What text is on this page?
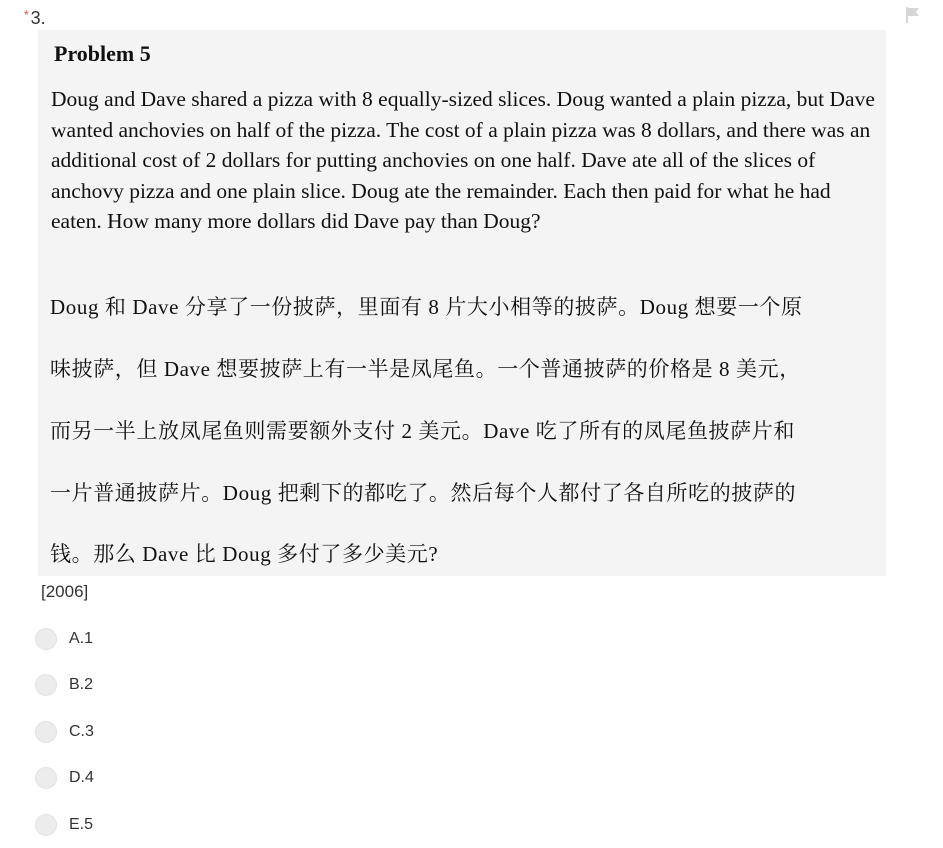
* 3.
Problem 5

Doug and Dave shared a pizza with 8 equally-sized slices. Doug wanted a plain pizza, but Dave wanted anchovies on half of the pizza. The cost of a plain pizza was 8 dollars, and there was an additional cost of 2 dollars for putting anchovies on one half. Dave ate all of the slices of anchovy pizza and one plain slice. Doug ate the remainder. Each then paid for what he had eaten. How many more dollars did Dave pay than Doug?

Doug 和 Dave 分享了一份披萨，里面有 8 片大小相等的披萨。Doug 想要一个原

味披萨，但 Dave 想要披萨上有一半是凤尾鱼。一个普通披萨的价格是 8 美元，

而另一半上放凤尾鱼则需要额外支付 2 美元。Dave 吃了所有的凤尾鱼披萨片和

一片普通披萨片。Doug 把剩下的都吃了。然后每个人都付了各自所吃的披萨的

钱。那么 Dave 比 Doug 多付了多少美元?

[2006]
A.1
B.2
C.3
D.4
E.5
